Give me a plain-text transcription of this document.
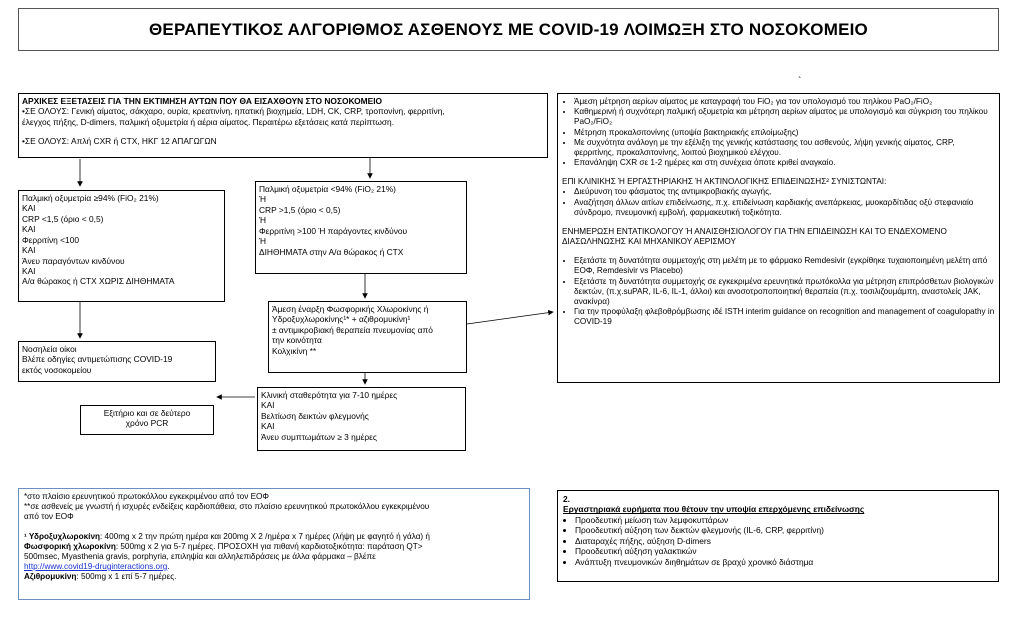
ΘΕΡΑΠΕΥΤΙΚΟΣ ΑΛΓΟΡΙΘΜΟΣ ΑΣΘΕΝΟΥΣ ΜΕ COVID-19 ΛΟΙΜΩΞΗ ΣΤΟ ΝΟΣΟΚΟΜΕΙΟ
`
ΑΡΧΙΚΕΣ ΕΞΕΤΑΣΕΙΣ ΓΙΑ ΤΗΝ ΕΚΤΙΜΗΣΗ ΑΥΤΩΝ ΠΟΥ ΘΑ ΕΙΣΑΧΘΟΥΝ ΣΤΟ ΝΟΣΟΚΟΜΕΙΟ
•ΣΕ ΟΛΟΥΣ: Γενική αίματος, σάκχαρο, ουρία, κρεατινίνη, ηπατική βιοχημεία, LDH, CK, CRP, τροπονίνη, φερριτίνη,
έλεγχος πήξης, D-dimers, παλμική οξυμετρία ή αέρια αίματος. Περαιτέρω εξετάσεις κατά περίπτωση.
•ΣΕ ΟΛΟΥΣ: Απλή CXR ή CTX, ΗΚΓ 12 ΑΠΑΓΩΓΩΝ
Παλμική οξυμετρία ≥94% (FiO₂ 21%)
ΚΑΙ
CRP <1,5 (όριο < 0,5)
ΚΑΙ
Φερριτίνη <100
ΚΑΙ
Άνευ παραγόντων κινδύνου
ΚΑΙ
Α/α θώρακος ή CTX ΧΩΡΙΣ ΔΙΗΘΗΜΑΤΑ
Νοσηλεία οίκοι
Βλέπε οδηγίες αντιμετώπισης COVID-19
εκτός νοσοκομείου
Παλμική οξυμετρία <94% (FiO₂ 21%)
Ή
CRP >1,5 (όριο < 0,5)
Ή
Φερριτίνη >100 Ή παράγοντες κινδύνου
Ή
ΔΙΗΘΗΜΑΤΑ στην Α/α θώρακος ή CTX
Άμεση έναρξη Φωσφορικής Χλωροκίνης ή
Υδροξυχλωροκίνης¹* + αζιθρομυκίνη¹
± αντιμικροβιακή θεραπεία πνευμονίας από
την κοινότητα
Κολχικίνη **
Κλινική σταθερότητα για 7-10 ημέρες
ΚΑΙ
Βελτίωση δεικτών φλεγμονής
ΚΑΙ
Άνευ συμπτωμάτων ≥ 3 ημέρες
Εξιτήριο και σε δεύτερο
χρόνο PCR
• Άμεση μέτρηση αερίων αίματος με καταγραφή του FiO₂ για τον υπολογισμό του πηλίκου PaO₂/FiO₂
• Καθημερινή ή συχνότερη παλμική οξυμετρία και μέτρηση αερίων αίματος με υπολογισμό και σύγκριση του πηλίκου PaO₂/FiO₂
• Μέτρηση προκαλσιτονίνης (υποψία βακτηριακής επιλοίμωξης)
• Με συχνότητα ανάλογη με την εξέλιξη της γενικής κατάστασης του ασθενούς, λήψη γενικής αίματος, CRP, φερριτίνης, προκαλσιτονίνης, λοιπού βιοχημικού ελέγχου.
• Επανάληψη CXR σε 1-2 ημέρες και στη συνέχεια όποτε κριθεί αναγκαίο.
ΕΠΙ ΚΛΙΝΙΚΗΣ Ή ΕΡΓΑΣΤΗΡΙΑΚΗΣ Ή ΑΚΤΙΝΟΛΟΓΙΚΗΣ ΕΠΙΔΕΙΝΩΣΗΣ² ΣΥΝΙΣΤΩΝΤΑΙ:
• Διεύρυνση του φάσματος της αντιμικροβιακής αγωγής,
• Αναζήτηση άλλων αιτίων επιδείνωσης, π.χ. επιδείνωση καρδιακής ανεπάρκειας, μυοκαρδίτιδας οξύ στεφανιαίο σύνδρομο, πνευμονική εμβολή, φαρμακευτική τοξικότητα.
ΕΝΗΜΕΡΩΣΗ ΕΝΤΑΤΙΚΟΛΟΓΟΥ Ή ΑΝΑΙΣΘΗΣΙΟΛΟΓΟΥ ΓΙΑ ΤΗΝ ΕΠΙΔΕΙΝΩΣΗ ΚΑΙ ΤΟ ΕΝΔΕΧΟΜΕΝΟ ΔΙΑΣΩΛΗΝΩΣΗΣ ΚΑΙ ΜΗΧΑΝΙΚΟΥ ΑΕΡΙΣΜΟΥ
• Εξετάστε τη δυνατότητα συμμετοχής στη μελέτη με το φάρμακο Remdesivir (εγκρίθηκε τυχαιοποιημένη μελέτη από ΕΟΦ, Remdesivir vs Placebo)
• Εξετάστε τη δυνατότητα συμμετοχής σε εγκεκριμένα ερευνητικά πρωτόκολλα για μέτρηση επιπρόσθετων βιολογικών δεικτών, (π.χ.suPAR, IL-6, IL-1, άλλοι) και ανοσοτροποποιητική θεραπεία (π.χ. τοσιλιζουμάμπη, αναστολείς JAK, ανακίνρα)
• Για την προφύλαξη φλεβοθρόμβωσης ιδέ ISTH interim guidance on recognition and management of coagulopathy in COVID-19
*στο πλαίσιο ερευνητικού πρωτοκόλλου εγκεκριμένου από τον ΕΟΦ
**σε ασθενείς με γνωστή ή ισχυρές ενδείξεις καρδιοπάθεια, στο πλαίσιο ερευνητικού πρωτοκόλλου εγκεκριμένου
από τον ΕΟΦ
¹ Υδροξυχλωροκίνη: 400mg x 2 την πρώτη ημέρα και 200mg X 2 /ημέρα x 7 ημέρες (λήψη με φαγητό ή γάλα) ή
Φωσφορική χλωροκίνη: 500mg x 2 για 5-7 ημέρες. ΠΡΟΣΟΧΗ για πιθανή καρδιοτοξικότητα: παράταση QT>
500msec, Myasthenia gravis, porphyria, επιληψία και αλληλεπιδράσεις με άλλα φάρμακα – βλέπε
http://www.covid19-druginteractions.org.
Αζιθρομυκίνη: 500mg x 1 επί 5-7 ημέρες.
2.
Εργαστηριακά ευρήματα που θέτουν την υποψία επερχόμενης επιδείνωσης
• Προοδευτική μείωση των λεμφοκυττάρων
• Προοδευτική αύξηση των δεικτών φλεγμονής (IL-6, CRP, φερριτίνη)
• Διαταραχές πήξης, αύξηση D-dimers
• Προοδευτική αύξηση γαλακτικών
• Ανάπτυξη πνευμονικών διηθημάτων σε βραχύ χρονικό διάστημα
